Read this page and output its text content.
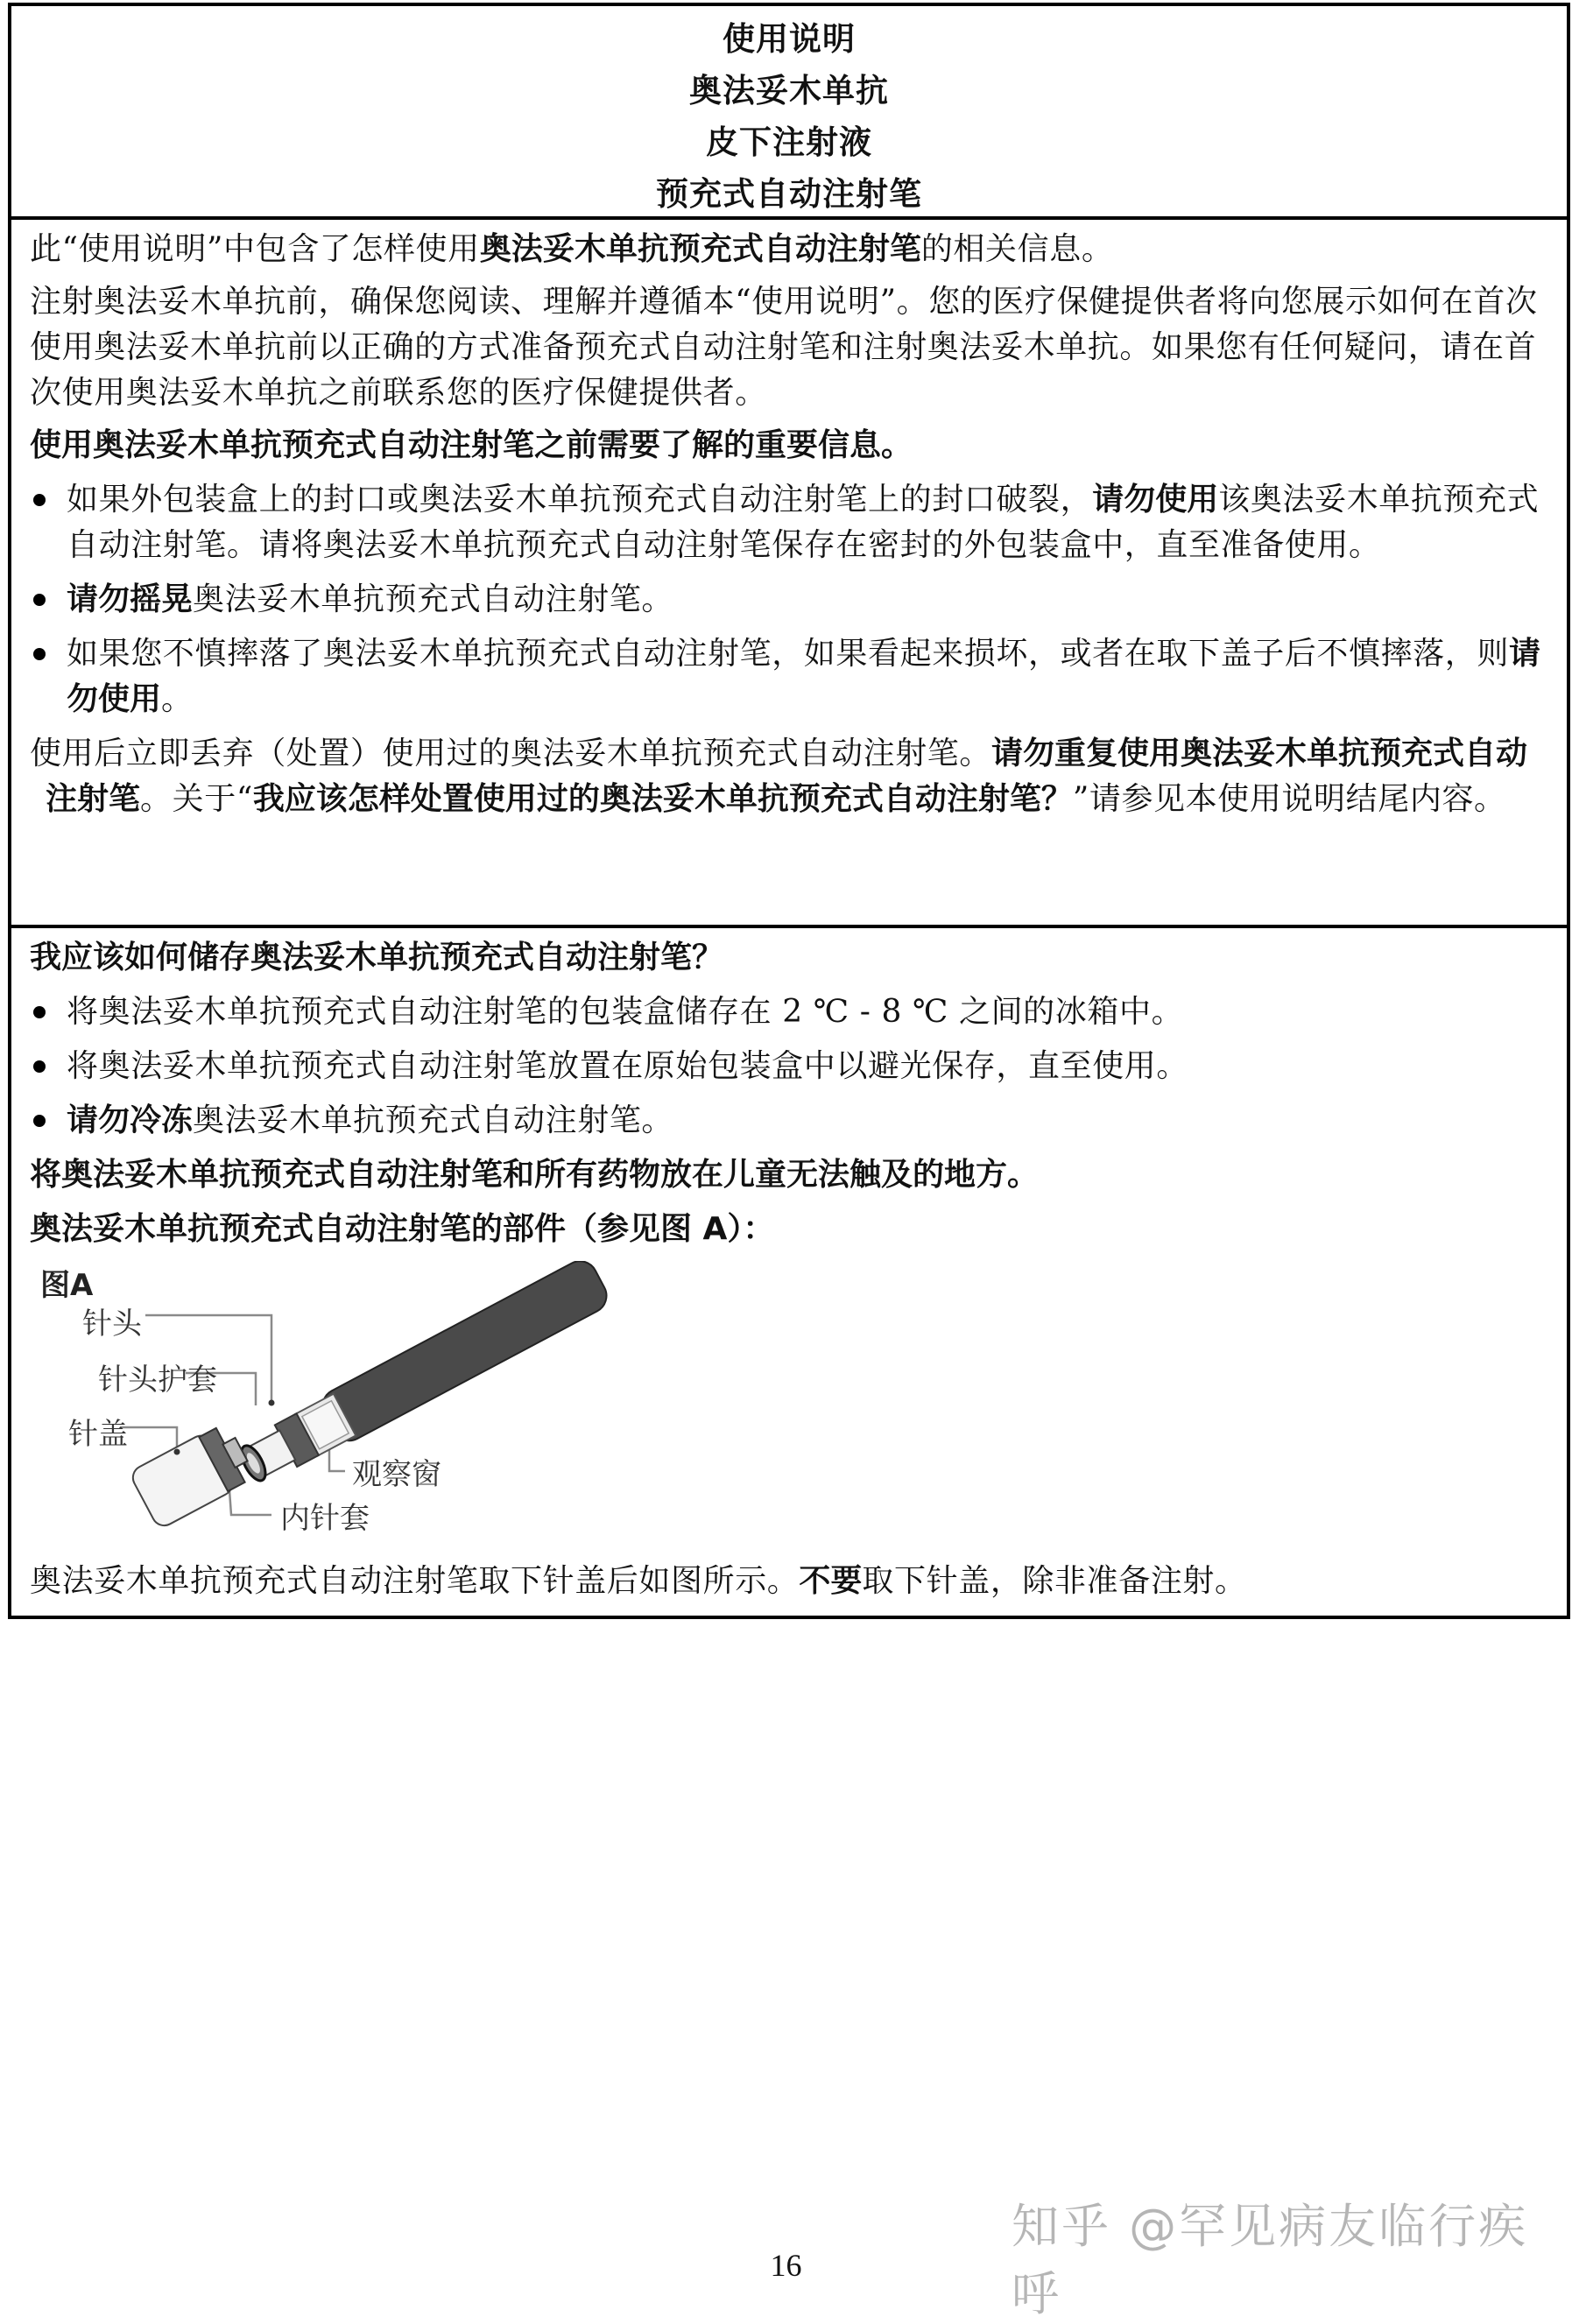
使用说明
奥法妥木单抗
皮下注射液
预充式自动注射笔

此“使用说明”中包含了怎样使用奥法妥木单抗预充式自动注射笔的相关信息。

注射奥法妥木单抗前，确保您阅读、理解并遵循本“使用说明”。您的医疗保健提供者将向您展示如何在首次使用奥法妥木单抗前以正确的方式准备预充式自动注射笔和注射奥法妥木单抗。如果您有任何疑问，请在首次使用奥法妥木单抗之前联系您的医疗保健提供者。

使用奥法妥木单抗预充式自动注射笔之前需要了解的重要信息。
如果外包装盒上的封口或奥法妥木单抗预充式自动注射笔上的封口破裂，请勿使用该奥法妥木单抗预充式自动注射笔。请将奥法妥木单抗预充式自动注射笔保存在密封的外包装盒中，直至准备使用。
请勿摇晃奥法妥木单抗预充式自动注射笔。
如果您不慎摔落了奥法妥木单抗预充式自动注射笔，如果看起来损坏，或者在取下盖子后不慎摔落，则请勿使用。

使用后立即丢弃（处置）使用过的奥法妥木单抗预充式自动注射笔。请勿重复使用奥法妥木单抗预充式自动注射笔。关于“我应该怎样处置使用过的奥法妥木单抗预充式自动注射笔？”请参见本使用说明结尾内容。

我应该如何储存奥法妥木单抗预充式自动注射笔？
将奥法妥木单抗预充式自动注射笔的包装盒储存在 2 ℃ - 8 ℃ 之间的冰箱中。
将奥法妥木单抗预充式自动注射笔放置在原始包装盒中以避光保存，直至使用。
请勿冷冻奥法妥木单抗预充式自动注射笔。
将奥法妥木单抗预充式自动注射笔和所有药物放在儿童无法触及的地方。
奥法妥木单抗预充式自动注射笔的部件（参见图 A）：
图A
针头
针头护套
针盖
内针套
观察窗

奥法妥木单抗预充式自动注射笔取下针盖后如图所示。不要取下针盖，除非准备注射。

知乎 @罕见病友临行疾呼
16
